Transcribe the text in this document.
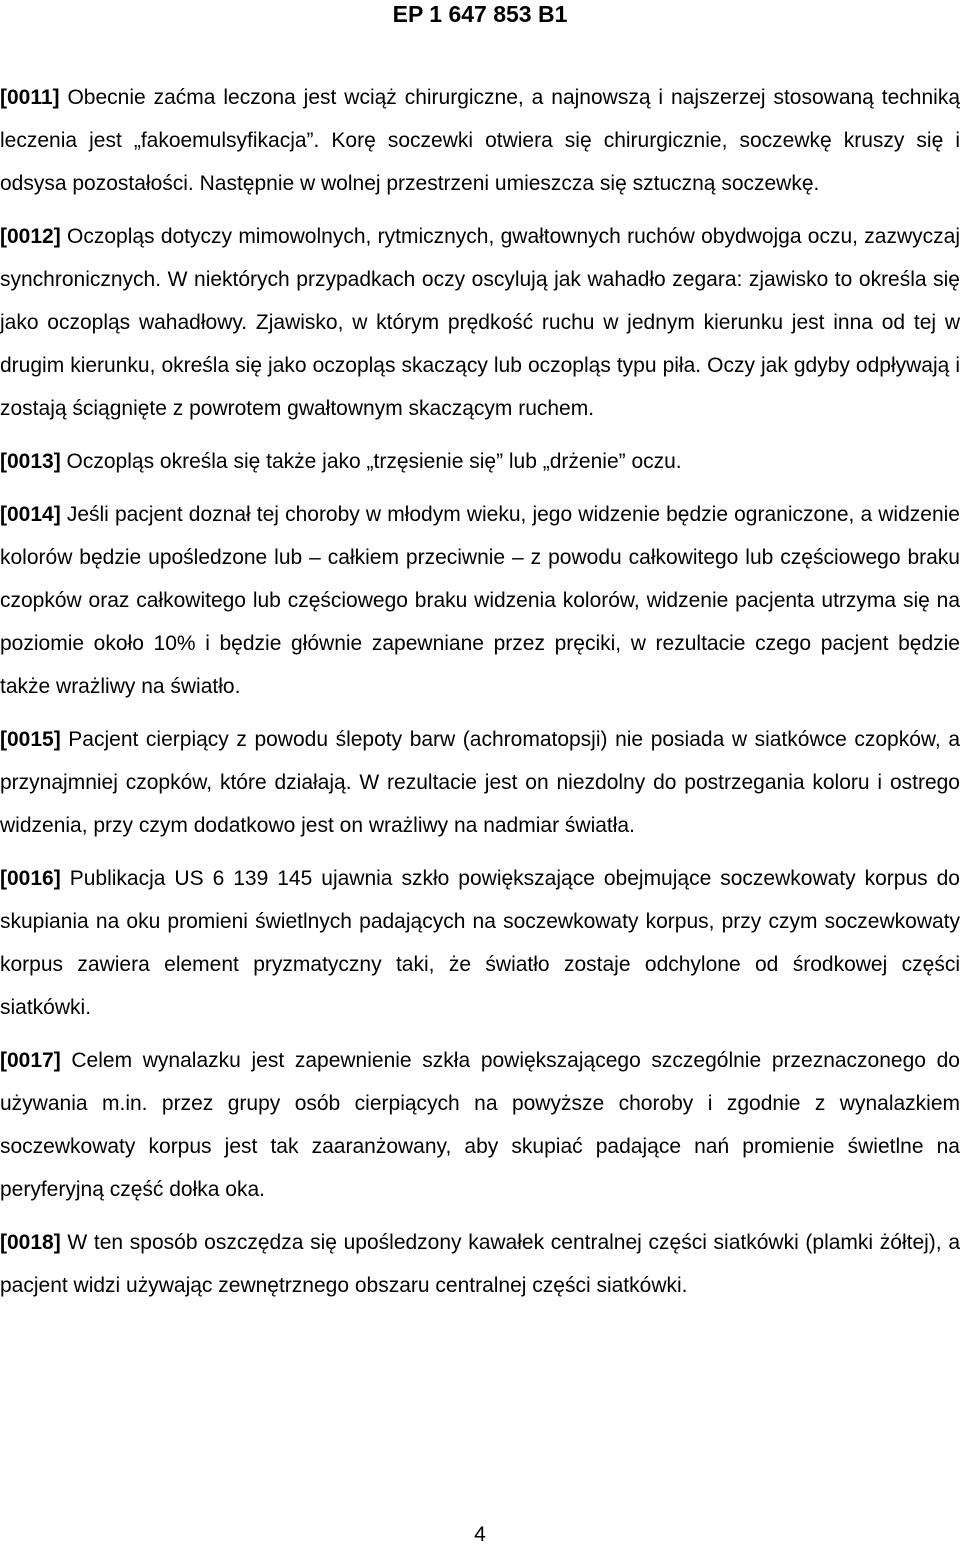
EP 1 647 853 B1

[0011] Obecnie zaćma leczona jest wciąż chirurgiczne, a najnowszą i najszerzej stosowaną techniką leczenia jest „fakoemulsyfikacja”. Korę soczewki otwiera się chirurgicznie, soczewkę kruszy się i odsysa pozostałości. Następnie w wolnej przestrzeni umieszcza się sztuczną soczewkę.

[0012] Oczopląs dotyczy mimowolnych, rytmicznych, gwałtownych ruchów obydwojga oczu, zazwyczaj synchronicznych. W niektórych przypadkach oczy oscylują jak wahadło zegara: zjawisko to określa się jako oczopląs wahadłowy. Zjawisko, w którym prędkość ruchu w jednym kierunku jest inna od tej w drugim kierunku, określa się jako oczopląs skaczący lub oczopląs typu piła. Oczy jak gdyby odpływają i zostają ściągnięte z powrotem gwałtownym skaczącym ruchem.

[0013] Oczopląs określa się także jako „trzęsienie się” lub „drżenie” oczu.

[0014] Jeśli pacjent doznał tej choroby w młodym wieku, jego widzenie będzie ograniczone, a widzenie kolorów będzie upośledzone lub – całkiem przeciwnie – z powodu całkowitego lub częściowego braku czopków oraz całkowitego lub częściowego braku widzenia kolorów, widzenie pacjenta utrzyma się na poziomie około 10% i będzie głównie zapewniane przez pręciki, w rezultacie czego pacjent będzie także wrażliwy na światło.

[0015] Pacjent cierpiący z powodu ślepoty barw (achromatopsji) nie posiada w siatkówce czopków, a przynajmniej czopków, które działają. W rezultacie jest on niezdolny do postrzegania koloru i ostrego widzenia, przy czym dodatkowo jest on wrażliwy na nadmiar światła.

[0016] Publikacja US 6 139 145 ujawnia szkło powiększające obejmujące soczewkowaty korpus do skupiania na oku promieni świetlnych padających na soczewkowaty korpus, przy czym soczewkowaty korpus zawiera element pryzmatyczny taki, że światło zostaje odchylone od środkowej części siatkówki.

[0017] Celem wynalazku jest zapewnienie szkła powiększającego szczególnie przeznaczonego do używania m.in. przez grupy osób cierpiących na powyższe choroby i zgodnie z wynalazkiem soczewkowaty korpus jest tak zaaranżowany, aby skupiać padające nań promienie świetlne na peryferyjną część dołka oka.

[0018] W ten sposób oszczędza się upośledzony kawałek centralnej części siatkówki (plamki żółtej), a pacjent widzi używając zewnętrznego obszaru centralnej części siatkówki.

4
